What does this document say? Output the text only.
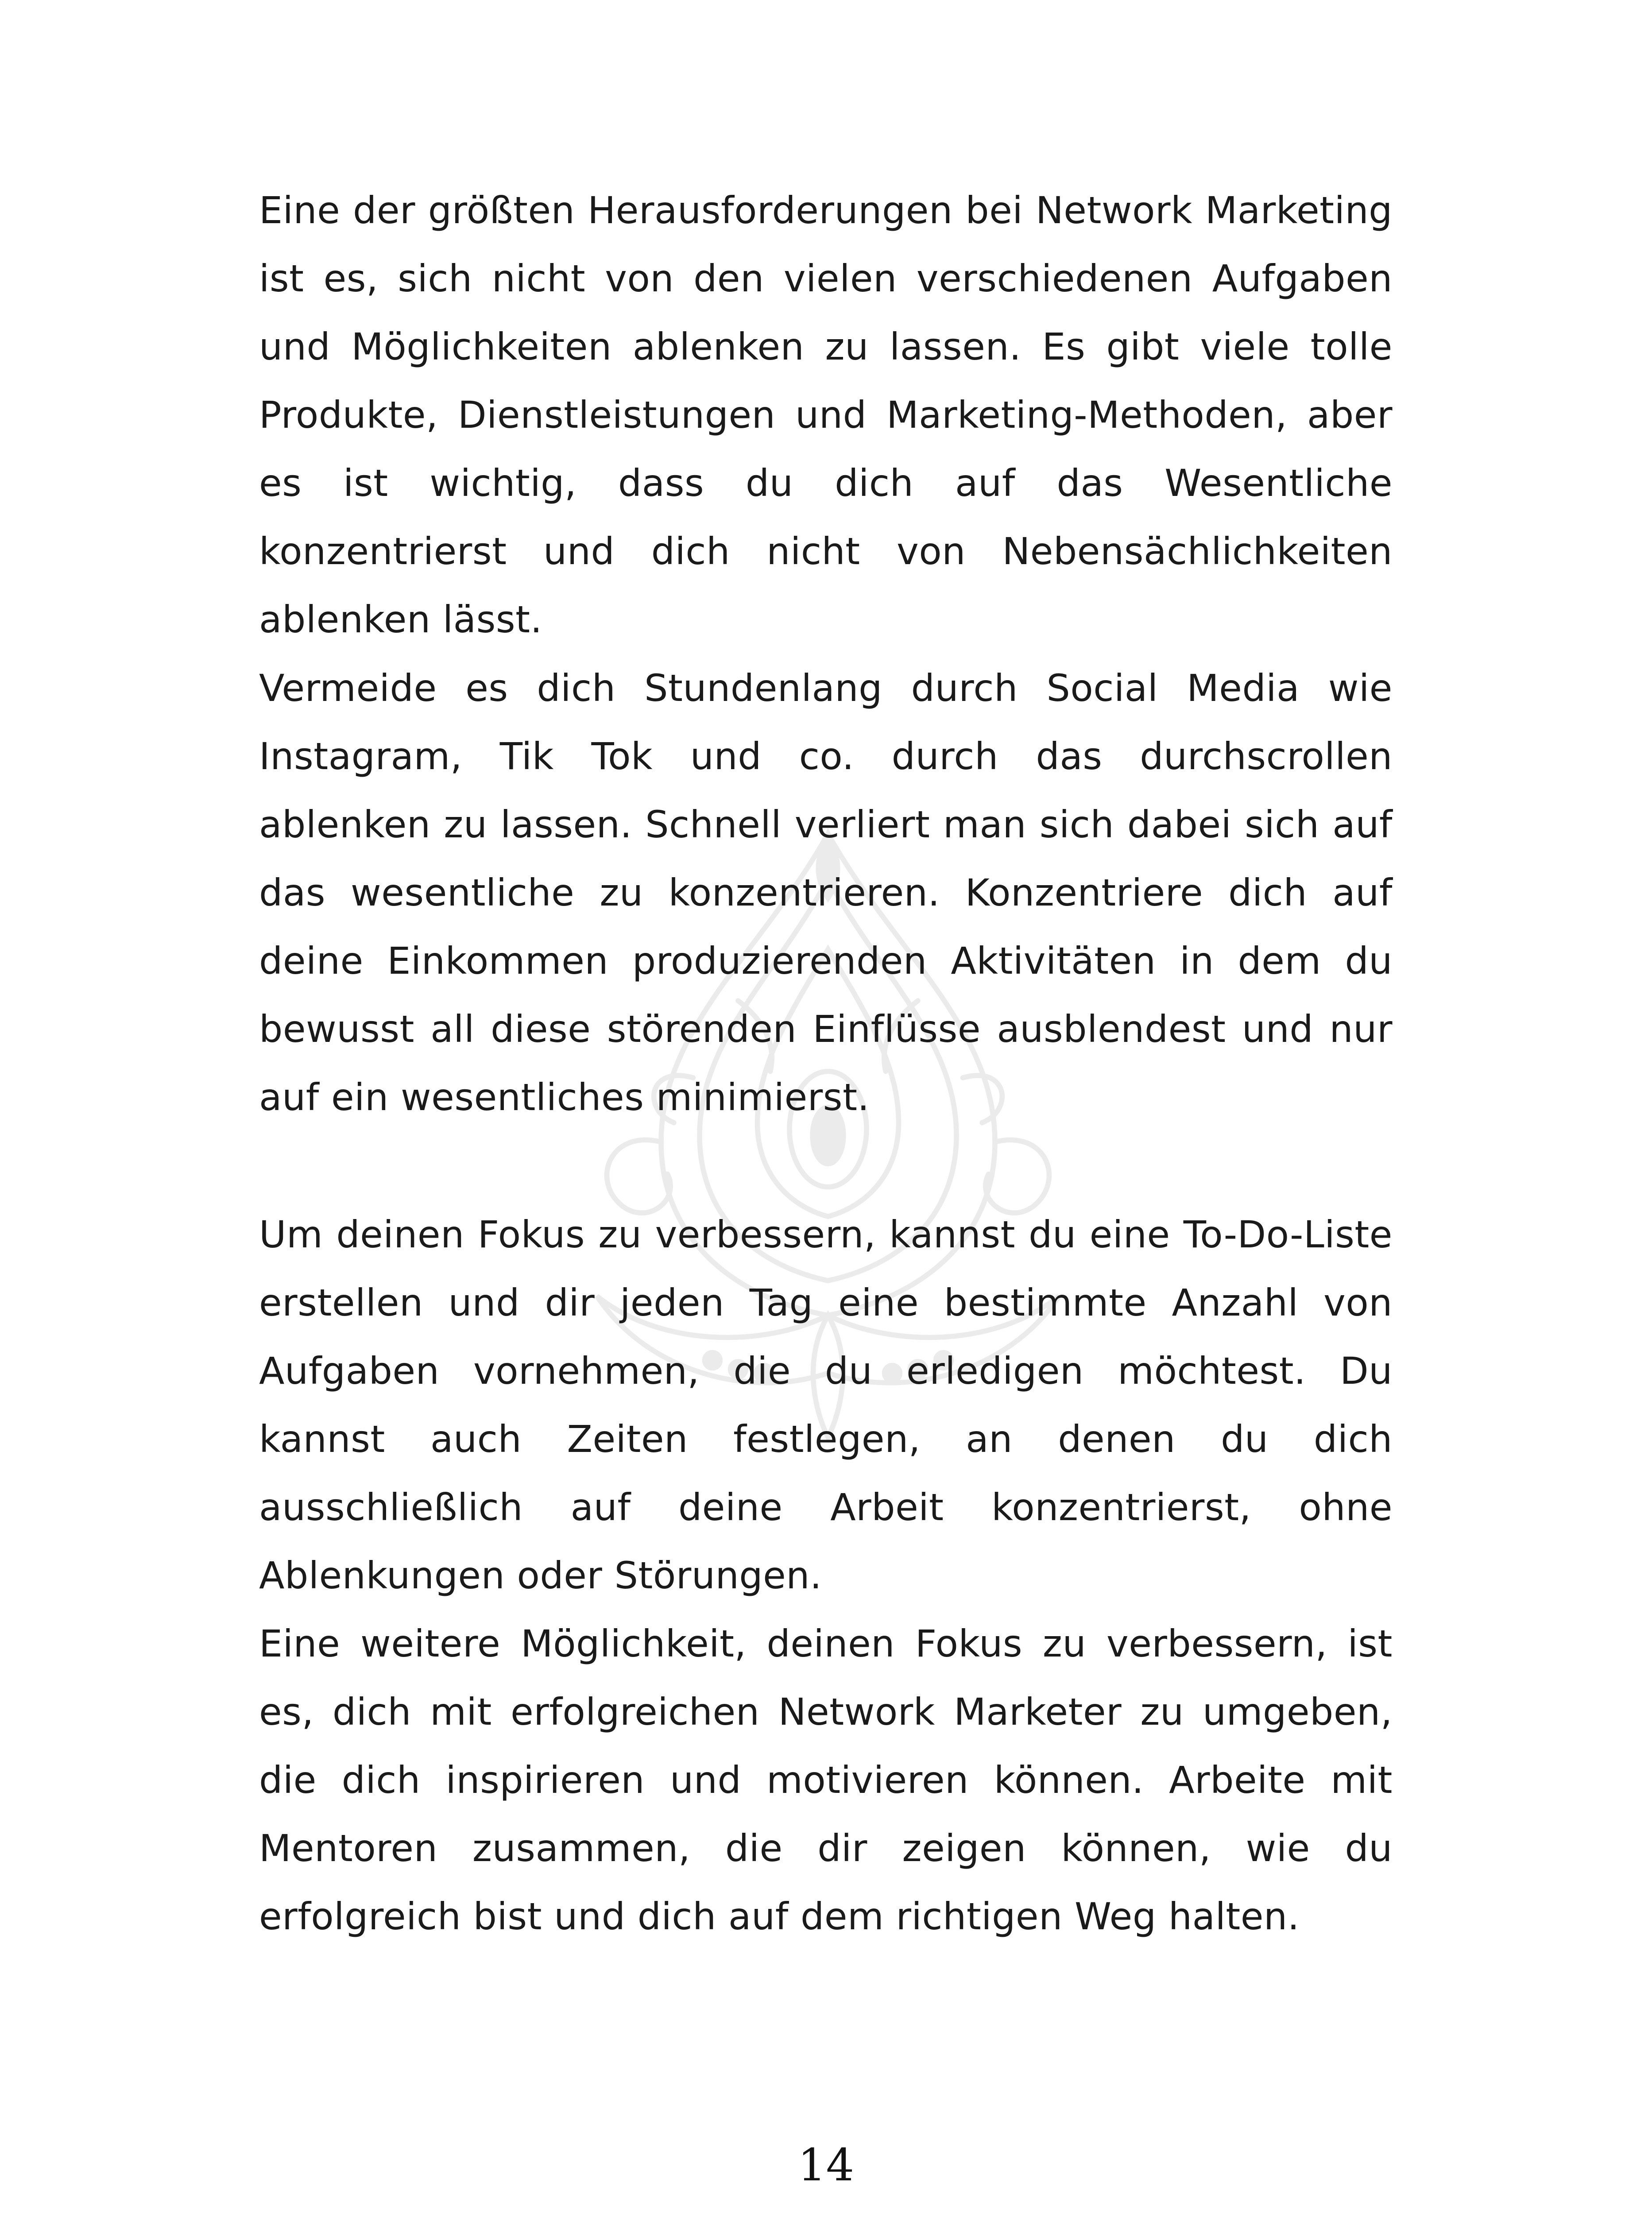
Eine der größten Herausforderungen bei Network Marketing ist es, sich nicht von den vielen verschiedenen Aufgaben und Möglichkeiten ablenken zu lassen. Es gibt viele tolle Produkte, Dienstleistungen und Marketing-Methoden, aber es ist wichtig, dass du dich auf das Wesentliche konzentrierst und dich nicht von Nebensächlichkeiten ablenken lässt.

Vermeide es dich Stundenlang durch Social Media wie Instagram, Tik Tok und co. durch das durchscrollen ablenken zu lassen. Schnell verliert man sich dabei sich auf das wesentliche zu konzentrieren. Konzentriere dich auf deine Einkommen produzierenden Aktivitäten in dem du bewusst all diese störenden Einflüsse ausblendest und nur auf ein wesentliches minimierst.

Um deinen Fokus zu verbessern, kannst du eine To-Do-Liste erstellen und dir jeden Tag eine bestimmte Anzahl von Aufgaben vornehmen, die du erledigen möchtest. Du kannst auch Zeiten festlegen, an denen du dich ausschließlich auf deine Arbeit konzentrierst, ohne Ablenkungen oder Störungen.

Eine weitere Möglichkeit, deinen Fokus zu verbessern, ist es, dich mit erfolgreichen Network Marketer zu umgeben, die dich inspirieren und motivieren können. Arbeite mit Mentoren zusammen, die dir zeigen können, wie du erfolgreich bist und dich auf dem richtigen Weg halten.

14
